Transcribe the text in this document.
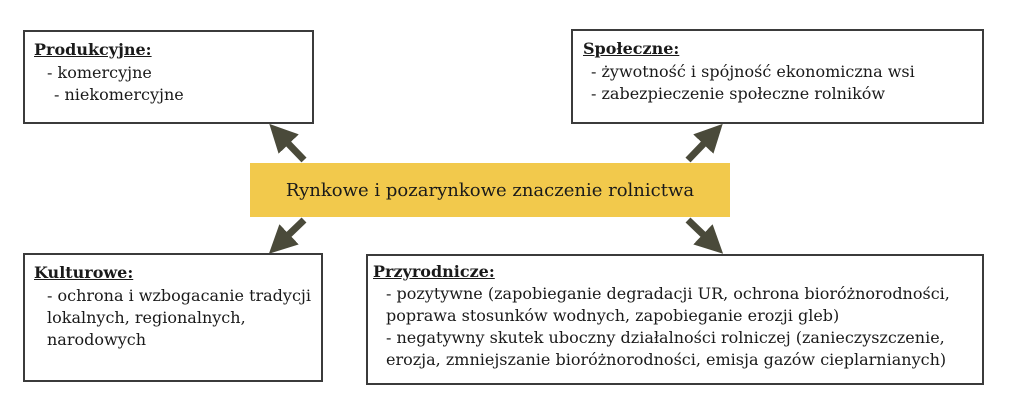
Rynkowe i pozarynkowe znaczenie rolnictwa
Produkcyjne:
- komercyjne
- niekomercyjne
Społeczne:
- żywotność i spójność ekonomiczna wsi
- zabezpieczenie społeczne rolników
Kulturowe:
- ochrona i wzbogacanie tradycji
lokalnych, regionalnych,
narodowych
Przyrodnicze:
- pozytywne (zapobieganie degradacji UR, ochrona bioróżnorodności,
poprawa stosunków wodnych, zapobieganie erozji gleb)
- negatywny skutek uboczny działalności rolniczej (zanieczyszczenie,
erozja, zmniejszanie bioróżnorodności, emisja gazów cieplarnianych)
